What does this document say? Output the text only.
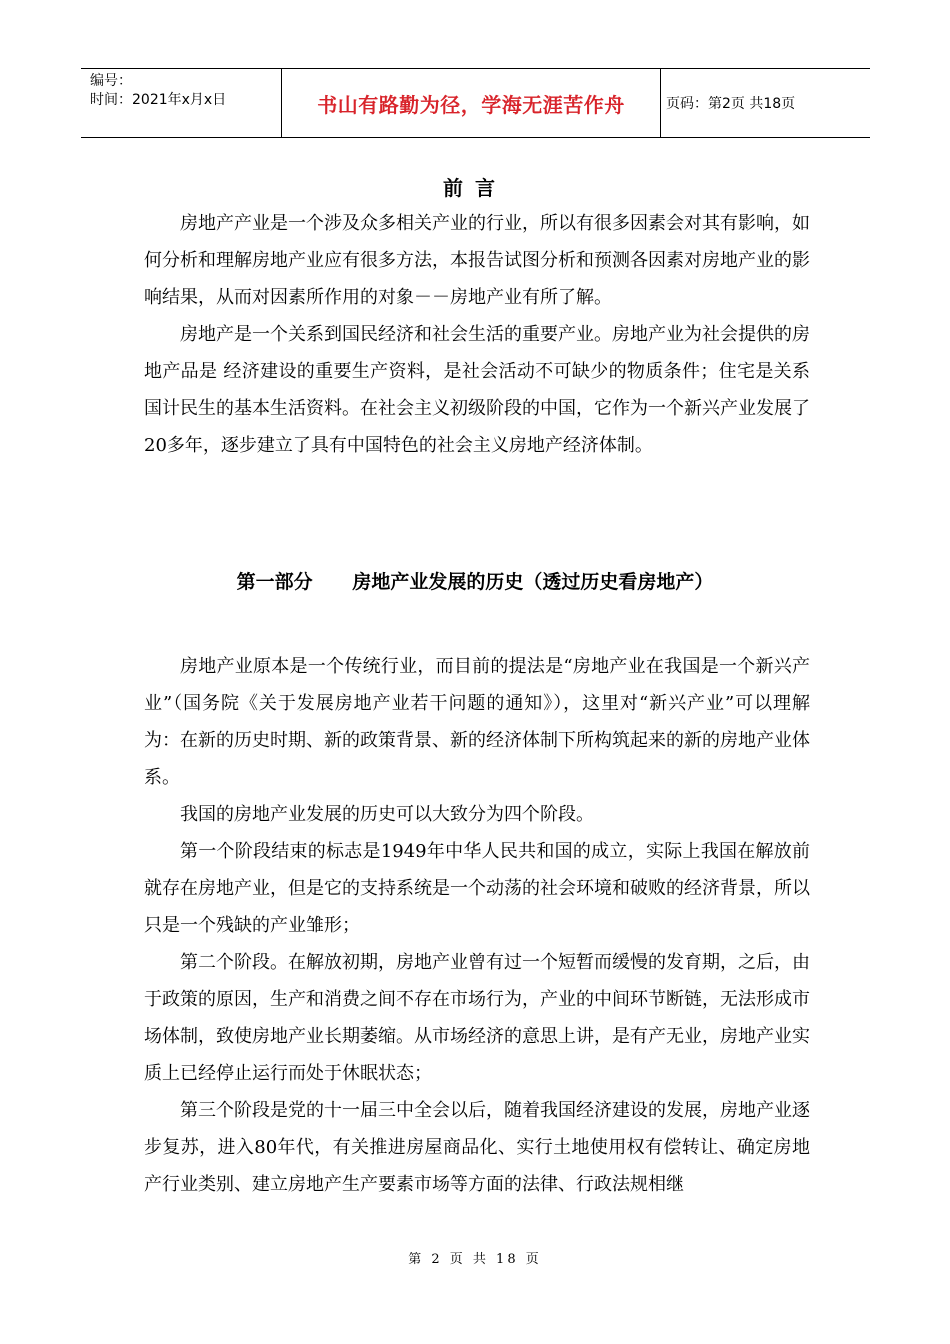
编号：
时间：2021年x月x日	书山有路勤为径，学海无涯苦作舟	页码：第2页 共18页
前言

房地产产业是一个涉及众多相关产业的行业，所以有很多因素会对其有影响，如何分析和理解房地产业应有很多方法，本报告试图分析和预测各因素对房地产业的影响结果，从而对因素所作用的对象－－房地产业有所了解。

房地产是一个关系到国民经济和社会生活的重要产业。房地产业为社会提供的房地产品是 经济建设的重要生产资料，是社会活动不可缺少的物质条件；住宅是关系国计民生的基本生活资料。在社会主义初级阶段的中国，它作为一个新兴产业发展了20多年，逐步建立了具有中国特色的社会主义房地产经济体制。

第一部分      房地产业发展的历史（透过历史看房地产）

房地产业原本是一个传统行业，而目前的提法是“房地产业在我国是一个新兴产业”（国务院《关于发展房地产业若干问题的通知》），这里对“新兴产业”可以理解为：在新的历史时期、新的政策背景、新的经济体制下所构筑起来的新的房地产业体系。

我国的房地产业发展的历史可以大致分为四个阶段。

第一个阶段结束的标志是1949年中华人民共和国的成立，实际上我国在解放前就存在房地产业，但是它的支持系统是一个动荡的社会环境和破败的经济背景，所以只是一个残缺的产业雏形；

第二个阶段。在解放初期，房地产业曾有过一个短暂而缓慢的发育期，之后，由于政策的原因，生产和消费之间不存在市场行为，产业的中间环节断链，无法形成市场体制，致使房地产业长期萎缩。从市场经济的意思上讲，是有产无业，房地产业实质上已经停止运行而处于休眠状态；

第三个阶段是党的十一届三中全会以后，随着我国经济建设的发展，房地产业逐步复苏，进入80年代，有关推进房屋商品化、实行土地使用权有偿转让、确定房地产行业类别、建立房地产生产要素市场等方面的法律、行政法规相继

第 2 页 共 18 页
